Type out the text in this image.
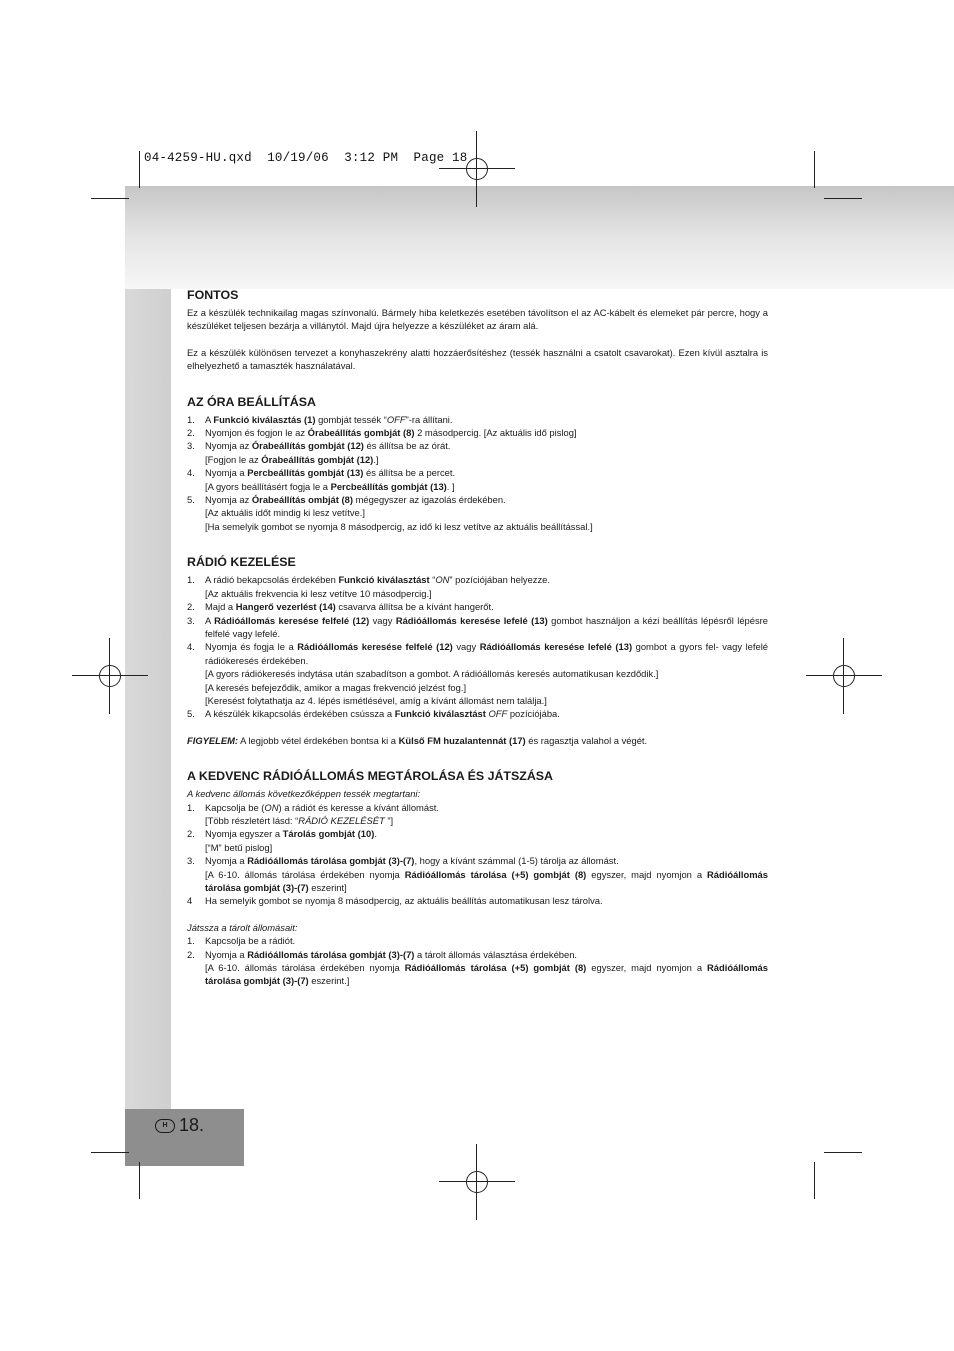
04-4259-HU.qxd  10/19/06  3:12 PM  Page 18
H 18.
FONTOS

Ez a készülék technikailag magas színvonalú. Bármely hiba keletkezés esetében távolítson el az AC-kábelt és elemeket pár percre, hogy a készüléket teljesen bezárja a villánytól. Majd újra helyezze a készüléket az áram alá.

Ez a készülék különösen tervezet a konyhaszekrény alatti hozzáerősítéshez (tessék használni a csatolt csavarokat). Ezen kívül asztalra is elhelyezhető a tamaszték használatával.

AZ ÓRA BEÁLLÍTÁSA
1. A Funkció kiválasztás (1) gombját tessék “OFF”-ra állítani.
2. Nyomjon és fogjon le az Órabeállítás gombját (8) 2 másodpercig. [Az aktuális idő pislog]
3. Nyomja az Órabeállítás gombját (12) és állítsa be az órát.
[Fogjon le az Órabeállítás gombját (12).]
4. Nyomja a Percbeállítás gombját (13) és állítsa be a percet.
[A gyors beállításért fogja le a Percbeállítás gombját (13). ]
5. Nyomja az Órabeállítás ombját (8) mégegyszer az igazolás érdekében.
[Az aktuális időt mindig ki lesz vetítve.]
[Ha semelyik gombot se nyomja 8 másodpercig, az idő ki lesz vetítve az aktuális beállítással.]
RÁDIÓ KEZELÉSE
1. A rádió bekapcsolás érdekében Funkció kiválasztást “ON” pozíciójában helyezze.
[Az aktuális frekvencia ki lesz vetítve 10 másodpercig.]
2. Majd a Hangerő vezerlést (14) csavarva állítsa be a kívánt hangerőt.
3. A Rádióállomás keresése felfelé (12) vagy Rádióállomás keresése lefelé (13) gombot használjon a kézi beállítás lépésről lépésre felfelé vagy lefelé.
4. Nyomja és fogja le a Rádióállomás keresése felfelé (12) vagy Rádióállomás keresése lefelé (13) gombot a gyors fel- vagy lefelé rádiókeresés érdekében.
[A gyors rádiókeresés indytása után szabadítson a gombot. A rádióállomás keresés automatikusan kezdődik.]
[A keresés befejeződik, amikor a magas frekvenció jelzést fog.]
[Keresést folytathatja az 4. lépés ismétlésével, amíg a kívánt állomást nem találja.]
5. A készülék kikapcsolás érdekében csússza a Funkció kiválasztást OFF pozíciójába.

FIGYELEM: A legjobb vétel érdekében bontsa ki a Külső FM huzalantennát (17) és ragasztja valahol a végét.

A KEDVENC RÁDIÓÁLLOMÁS MEGTÁROLÁSA ÉS JÁTSZÁSA

A kedvenc állomás következőképpen tessék megtartani:

1. Kapcsolja be (ON) a rádiót és keresse a kívánt állomást.
[Több részletért lásd: “RÁDIÓ KEZELÉSÉT ”]
2. Nyomja egyszer a Tárolás gombját (10).
[“M” betű pislog]
3. Nyomja a Rádióállomás tárolása gombját (3)-(7), hogy a kívánt számmal (1-5) tárolja az állomást.
[A 6-10. állomás tárolása érdekében nyomja Rádióállomás tárolása (+5) gombját (8) egyszer, majd nyomjon a Rádióállomás tárolása gombját (3)-(7) eszerint]
4 Ha semelyik gombot se nyomja 8 másodpercig, az aktuális beállítás automatikusan lesz tárolva.

Játssza a tárolt állomásait:

1. Kapcsolja be a rádiót.
2. Nyomja a Rádióállomás tárolása gombját (3)-(7) a tárolt állomás választása érdekében.
[A 6-10. állomás tárolása érdekében nyomja Rádióállomás tárolása (+5) gombját (8) egyszer, majd nyomjon a Rádióállomás tárolása gombját (3)-(7) eszerint.]
